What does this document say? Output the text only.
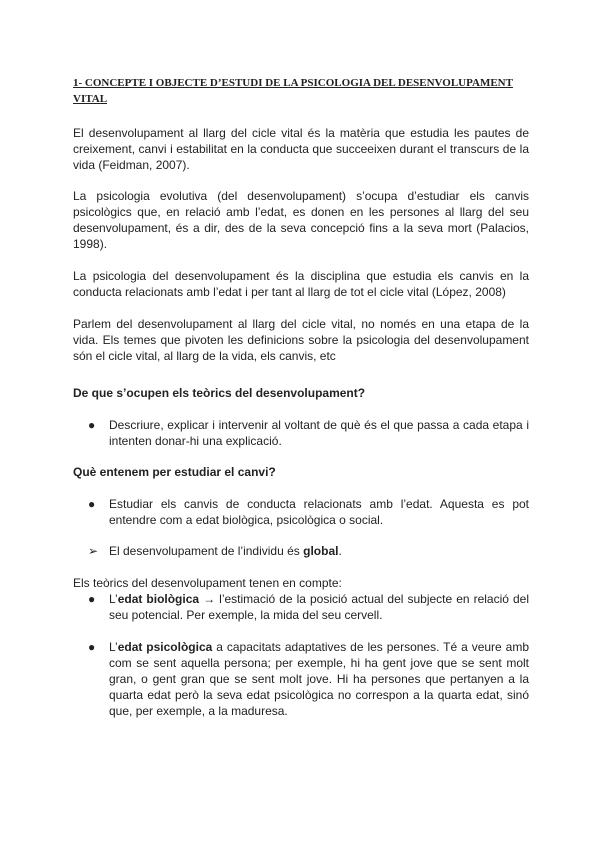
1- CONCEPTE I OBJECTE D’ESTUDI DE LA PSICOLOGIA DEL DESENVOLUPAMENT VITAL

El desenvolupament al llarg del cicle vital és la matèria que estudia les pautes de creixement, canvi i estabilitat en la conducta que succeeixen durant el transcurs de la vida (Feidman, 2007).

La psicologia evolutiva (del desenvolupament) s’ocupa d’estudiar els canvis psicològics que, en relació amb l’edat, es donen en les persones al llarg del seu desenvolupament, és a dir, des de la seva concepció fins a la seva mort (Palacios, 1998).

La psicologia del desenvolupament és la disciplina que estudia els canvis en la conducta relacionats amb l’edat i per tant al llarg de tot el cicle vital (López, 2008)

Parlem del desenvolupament al llarg del cicle vital, no només en una etapa de la vida. Els temes que pivoten les definicions sobre la psicologia del desenvolupament són el cicle vital, al llarg de la vida, els canvis, etc

De que s’ocupen els teòrics del desenvolupament?

●	Descriure, explicar i intervenir al voltant de què és el que passa a cada etapa i intenten donar-hi una explicació.

Què entenem per estudiar el canvi?

●	Estudiar els canvis de conducta relacionats amb l’edat. Aquesta es pot entendre com a edat biològica, psicològica o social.
➢ El desenvolupament de l’individu és global.

Els teòrics del desenvolupament tenen en compte:

●	L’edat biològica → l’estimació de la posició actual del subjecte en relació del seu potencial. Per exemple, la mida del seu cervell.
●	L’edat psicològica a capacitats adaptatives de les persones. Té a veure amb com se sent aquella persona; per exemple, hi ha gent jove que se sent molt gran, o gent gran que se sent molt jove. Hi ha persones que pertanyen a la quarta edat però la seva edat psicològica no correspon a la quarta edat, sinó que, per exemple, a la maduresa.
